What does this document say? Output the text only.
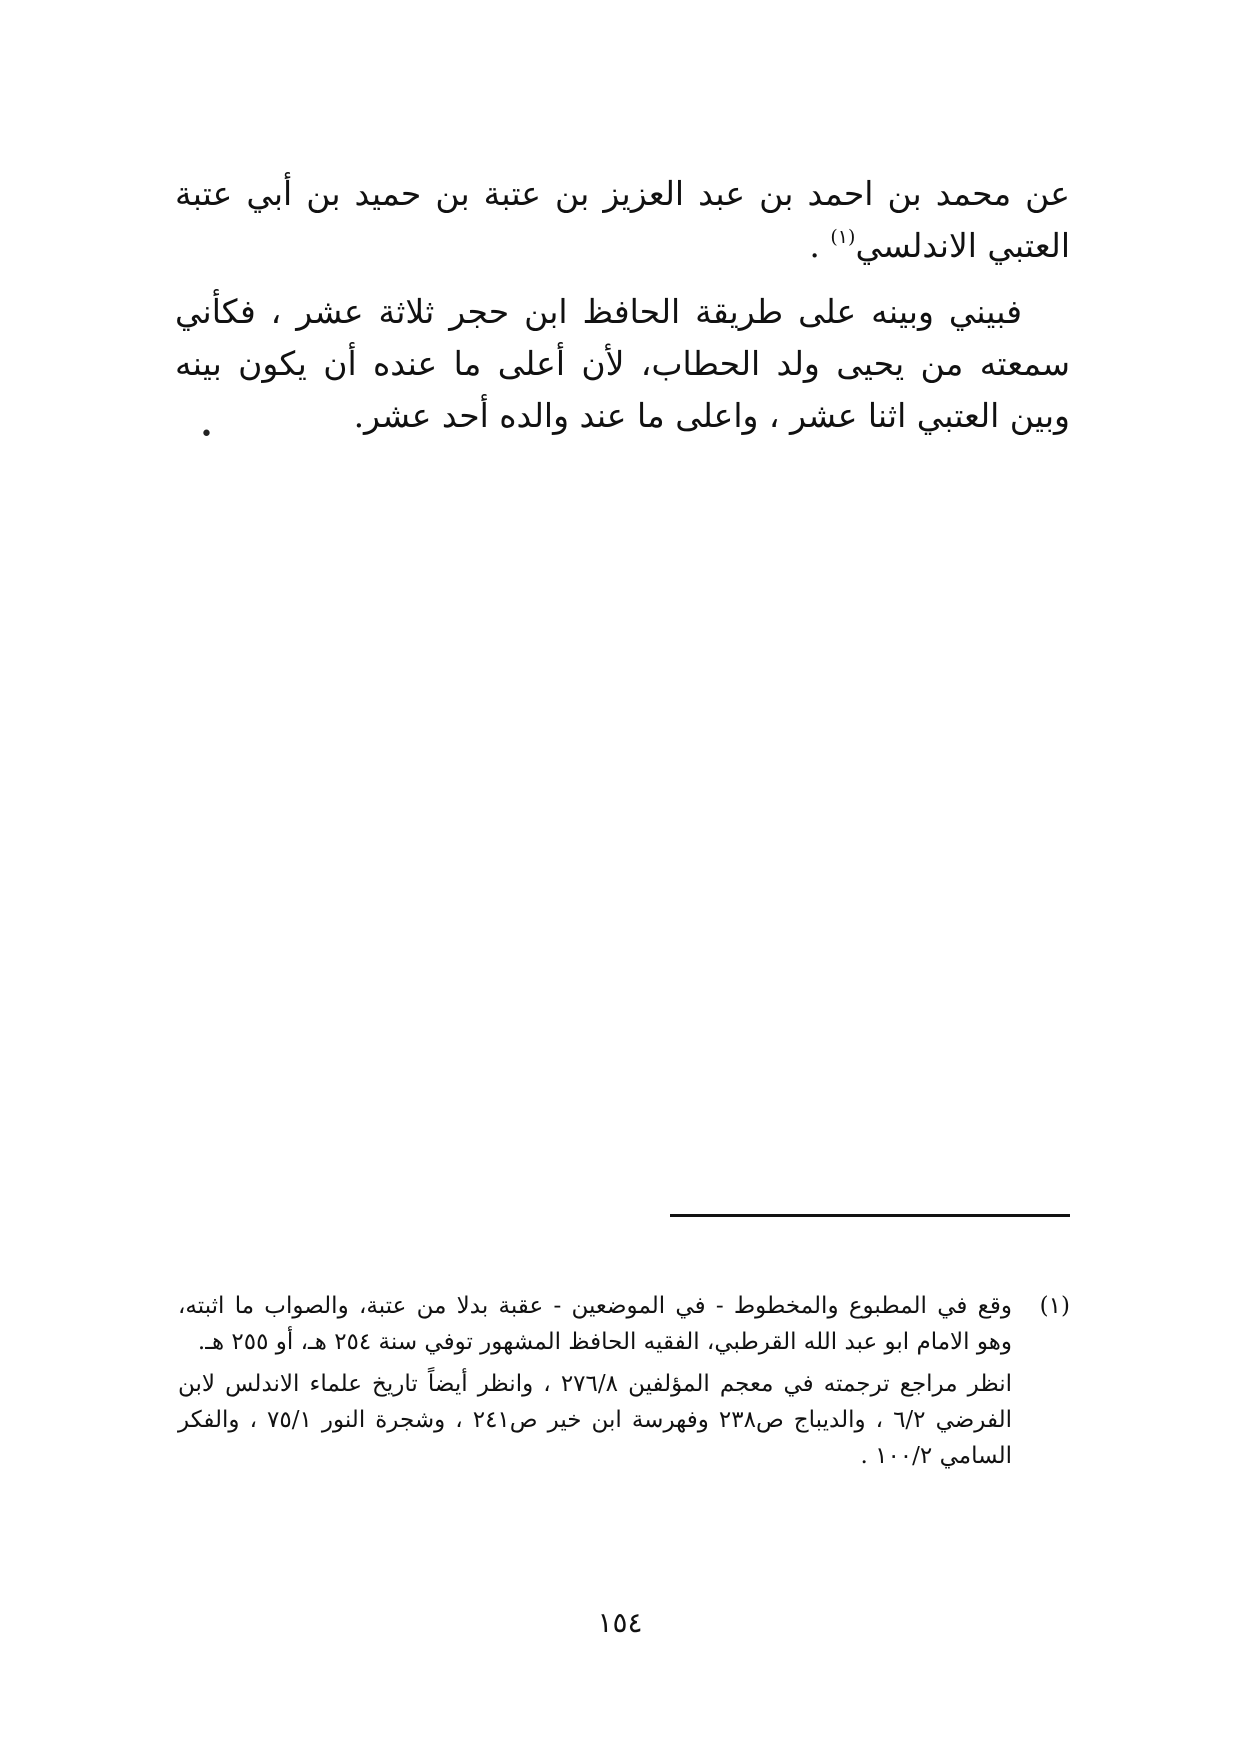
عن محمد بن احمد بن عبد العزيز بن عتبة بن حميد بن أبي عتبة العتبي الاندلسي$^{(١)}$ .

فبيني وبينه على طريقة الحافظ ابن حجر ثلاثة عشر ، فكأني سمعته من يحيى ولد الحطاب، لأن أعلى ما عنده أن يكون بينه وبين العتبي اثنا عشر ، واعلى ما عند والده أحد عشر.

•
(١)

وقع في المطبوع والمخطوط - في الموضعين - عقبة بدلا من عتبة، والصواب ما اثبته، وهو الامام ابو عبد الله القرطبي، الفقيه الحافظ المشهور توفي سنة ٢٥٤ هـ، أو ٢٥٥ هـ.

انظر مراجع ترجمته في معجم المؤلفين ٢٧٦/٨ ، وانظر أيضاً تاريخ علماء الاندلس لابن الفرضي ٦/٢ ، والديباج ص٢٣٨ وفهرسة ابن خير ص٢٤١ ، وشجرة النور ٧٥/١ ، والفكر السامي ١٠٠/٢ .

١٥٤
